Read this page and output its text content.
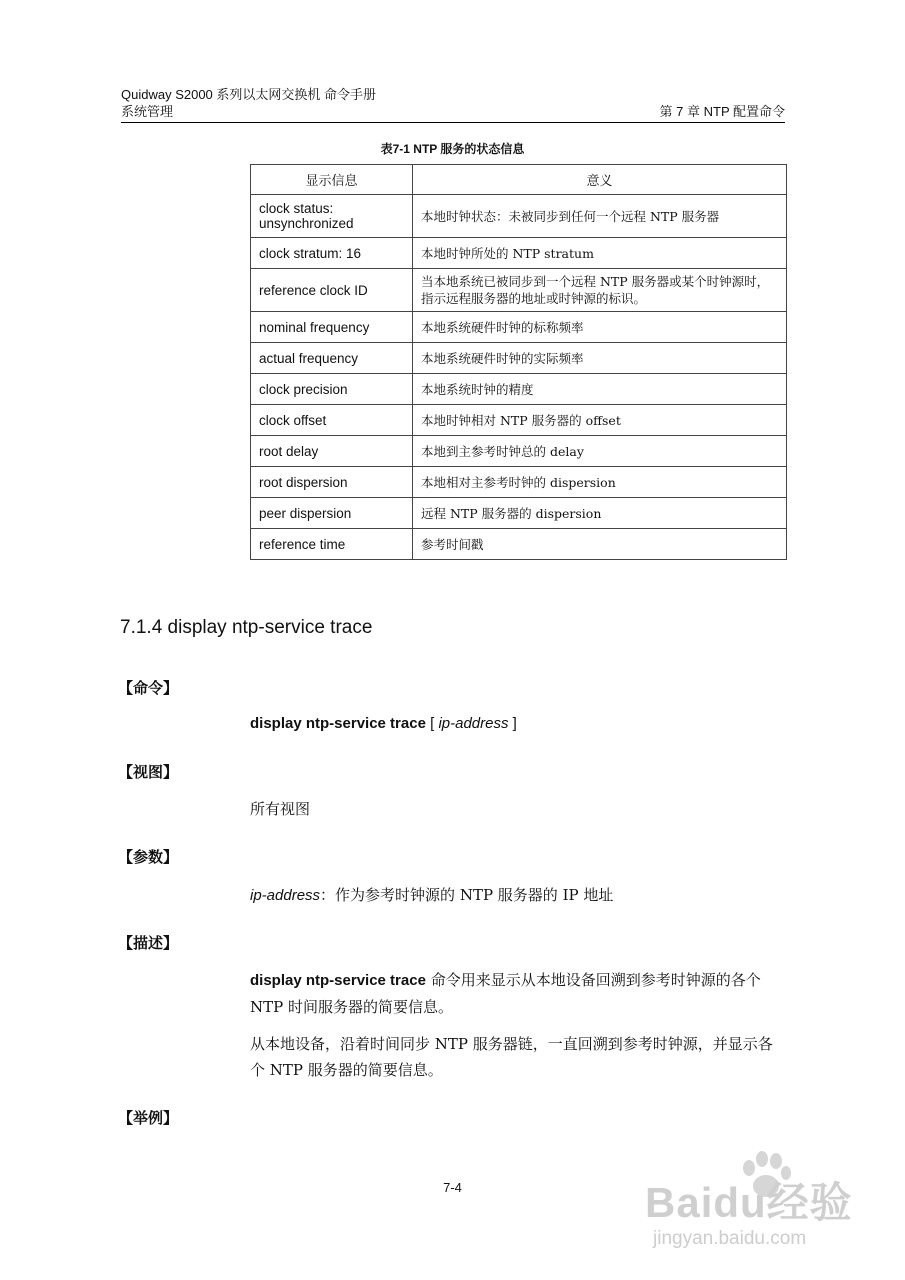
Quidway S2000 系列以太网交换机 命令手册
系统管理	第 7 章 NTP 配置命令
表7-1 NTP 服务的状态信息
显示信息	意义
clock status: unsynchronized	本地时钟状态：未被同步到任何一个远程 NTP 服务器
clock stratum: 16	本地时钟所处的 NTP stratum
reference clock ID	当本地系统已被同步到一个远程 NTP 服务器或某个时钟源时，指示远程服务器的地址或时钟源的标识。
nominal frequency	本地系统硬件时钟的标称频率
actual frequency	本地系统硬件时钟的实际频率
clock precision	本地系统时钟的精度
clock offset	本地时钟相对 NTP 服务器的 offset
root delay	本地到主参考时钟总的 delay
root dispersion	本地相对主参考时钟的 dispersion
peer dispersion	远程 NTP 服务器的 dispersion
reference time	参考时间戳
7.1.4 display ntp-service trace
【命令】
display ntp-service trace [ ip-address ]
【视图】
所有视图
【参数】
ip-address：作为参考时钟源的 NTP 服务器的 IP 地址
【描述】
display ntp-service trace 命令用来显示从本地设备回溯到参考时钟源的各个 NTP 时间服务器的简要信息。
从本地设备，沿着时间同步 NTP 服务器链，一直回溯到参考时钟源，并显示各个 NTP 服务器的简要信息。
【举例】
7-4	Baidu经验
jingyan.baidu.com
